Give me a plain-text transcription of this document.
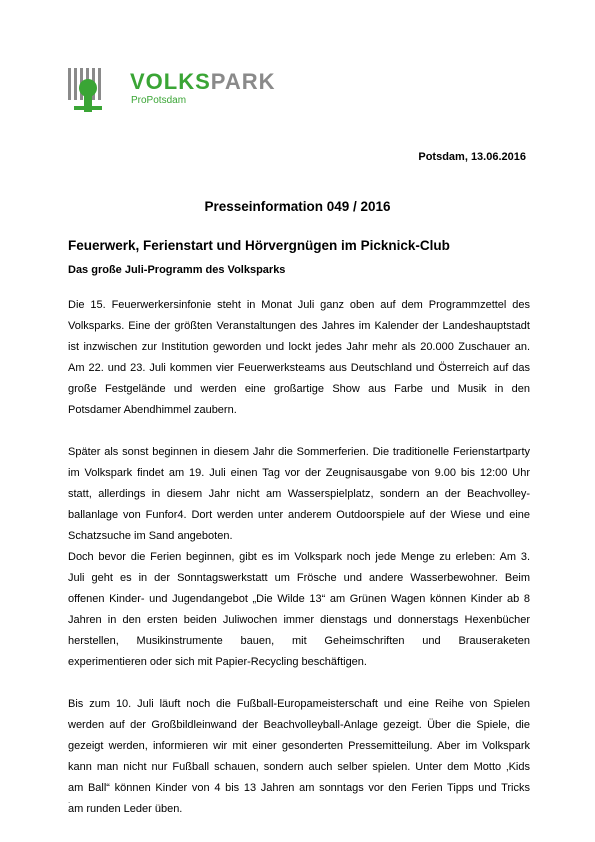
VOLKSPARK
ProPotsdam
Potsdam, 13.06.2016
Presseinformation 049 / 2016
Feuerwerk, Ferienstart und Hörvergnügen im Picknick-Club
Das große Juli-Programm des Volksparks

Die 15. Feuerwerkersinfonie steht in Monat Juli ganz oben auf dem Programmzettel des
Volksparks. Eine der größten Veranstaltungen des Jahres im Kalender der Landeshauptstadt
ist inzwischen zur Institution geworden und lockt jedes Jahr mehr als 20.000 Zuschauer an.
Am 22. und 23. Juli kommen vier Feuerwerksteams aus Deutschland und Österreich auf das
große Festgelände und werden eine großartige Show aus Farbe und Musik in den
Potsdamer Abendhimmel zaubern.

Später als sonst beginnen in diesem Jahr die Sommerferien. Die traditionelle Ferienstartparty
im Volkspark findet am 19. Juli einen Tag vor der Zeugnisausgabe von 9.00 bis 12:00 Uhr
statt, allerdings in diesem Jahr nicht am Wasserspielplatz, sondern an der Beachvolley-
ballanlage von Funfor4. Dort werden unter anderem Outdoorspiele auf der Wiese und eine
Schatzsuche im Sand angeboten.

Doch bevor die Ferien beginnen, gibt es im Volkspark noch jede Menge zu erleben: Am 3.
Juli geht es in der Sonntagswerkstatt um Frösche und andere Wasserbewohner. Beim
offenen Kinder- und Jugendangebot „Die Wilde 13“ am Grünen Wagen können Kinder ab 8
Jahren in den ersten beiden Juliwochen immer dienstags und donnerstags Hexenbücher
herstellen, Musikinstrumente bauen, mit Geheimschriften und Brauseraketen
experimentieren oder sich mit Papier-Recycling beschäftigen.

Bis zum 10. Juli läuft noch die Fußball-Europameisterschaft und eine Reihe von Spielen
werden auf der Großbildleinwand der Beachvolleyball-Anlage gezeigt. Über die Spiele, die
gezeigt werden, informieren wir mit einer gesonderten Pressemitteilung. Aber im Volkspark
kann man nicht nur Fußball schauen, sondern auch selber spielen. Unter dem Motto ‚Kids
am Ball“ können Kinder von 4 bis 13 Jahren am sonntags vor den Ferien Tipps und Tricks
am runden Leder üben.

.
